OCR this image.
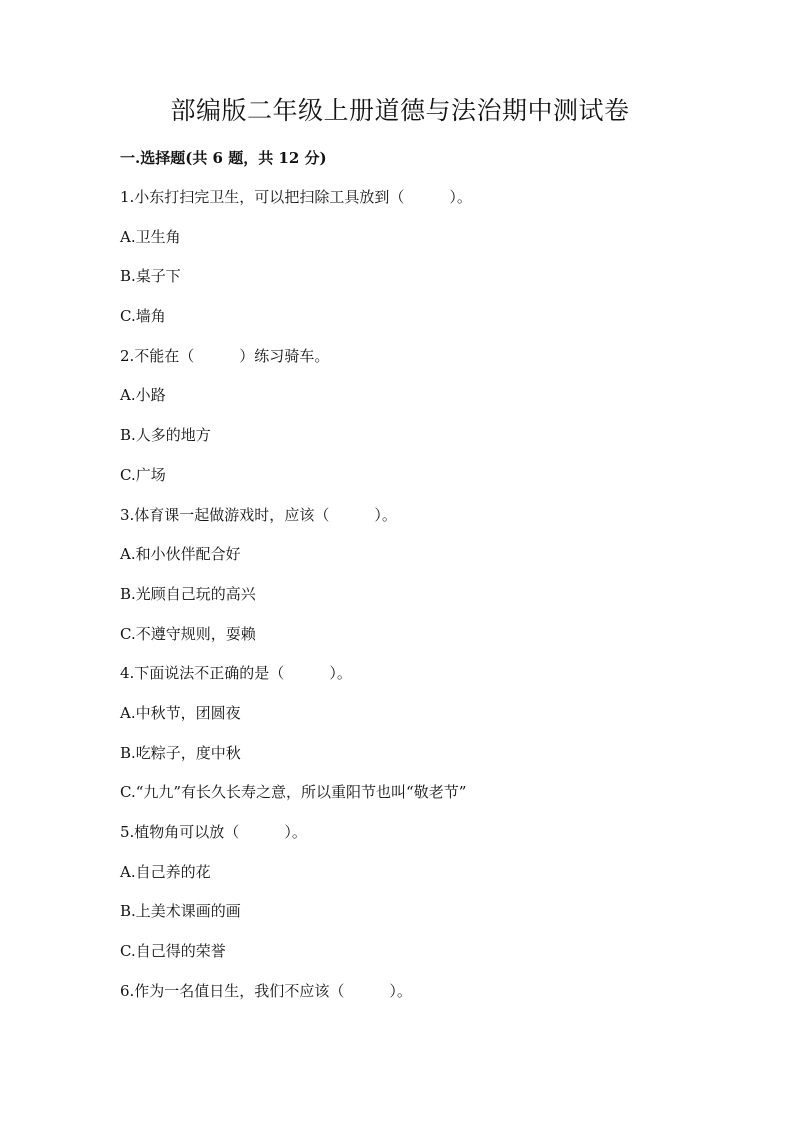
部编版二年级上册道德与法治期中测试卷
一.选择题(共 6 题，共 12 分)
1.小东打扫完卫生，可以把扫除工具放到（　　　）。
A.卫生角
B.桌子下
C.墙角
2.不能在（　　　）练习骑车。
A.小路
B.人多的地方
C.广场
3.体育课一起做游戏时，应该（　　　）。
A.和小伙伴配合好
B.光顾自己玩的高兴
C.不遵守规则，耍赖
4.下面说法不正确的是（　　　）。
A.中秋节，团圆夜
B.吃粽子，度中秋
C.“九九”有长久长寿之意，所以重阳节也叫“敬老节”
5.植物角可以放（　　　）。
A.自己养的花
B.上美术课画的画
C.自己得的荣誉
6.作为一名值日生，我们不应该（　　　）。
